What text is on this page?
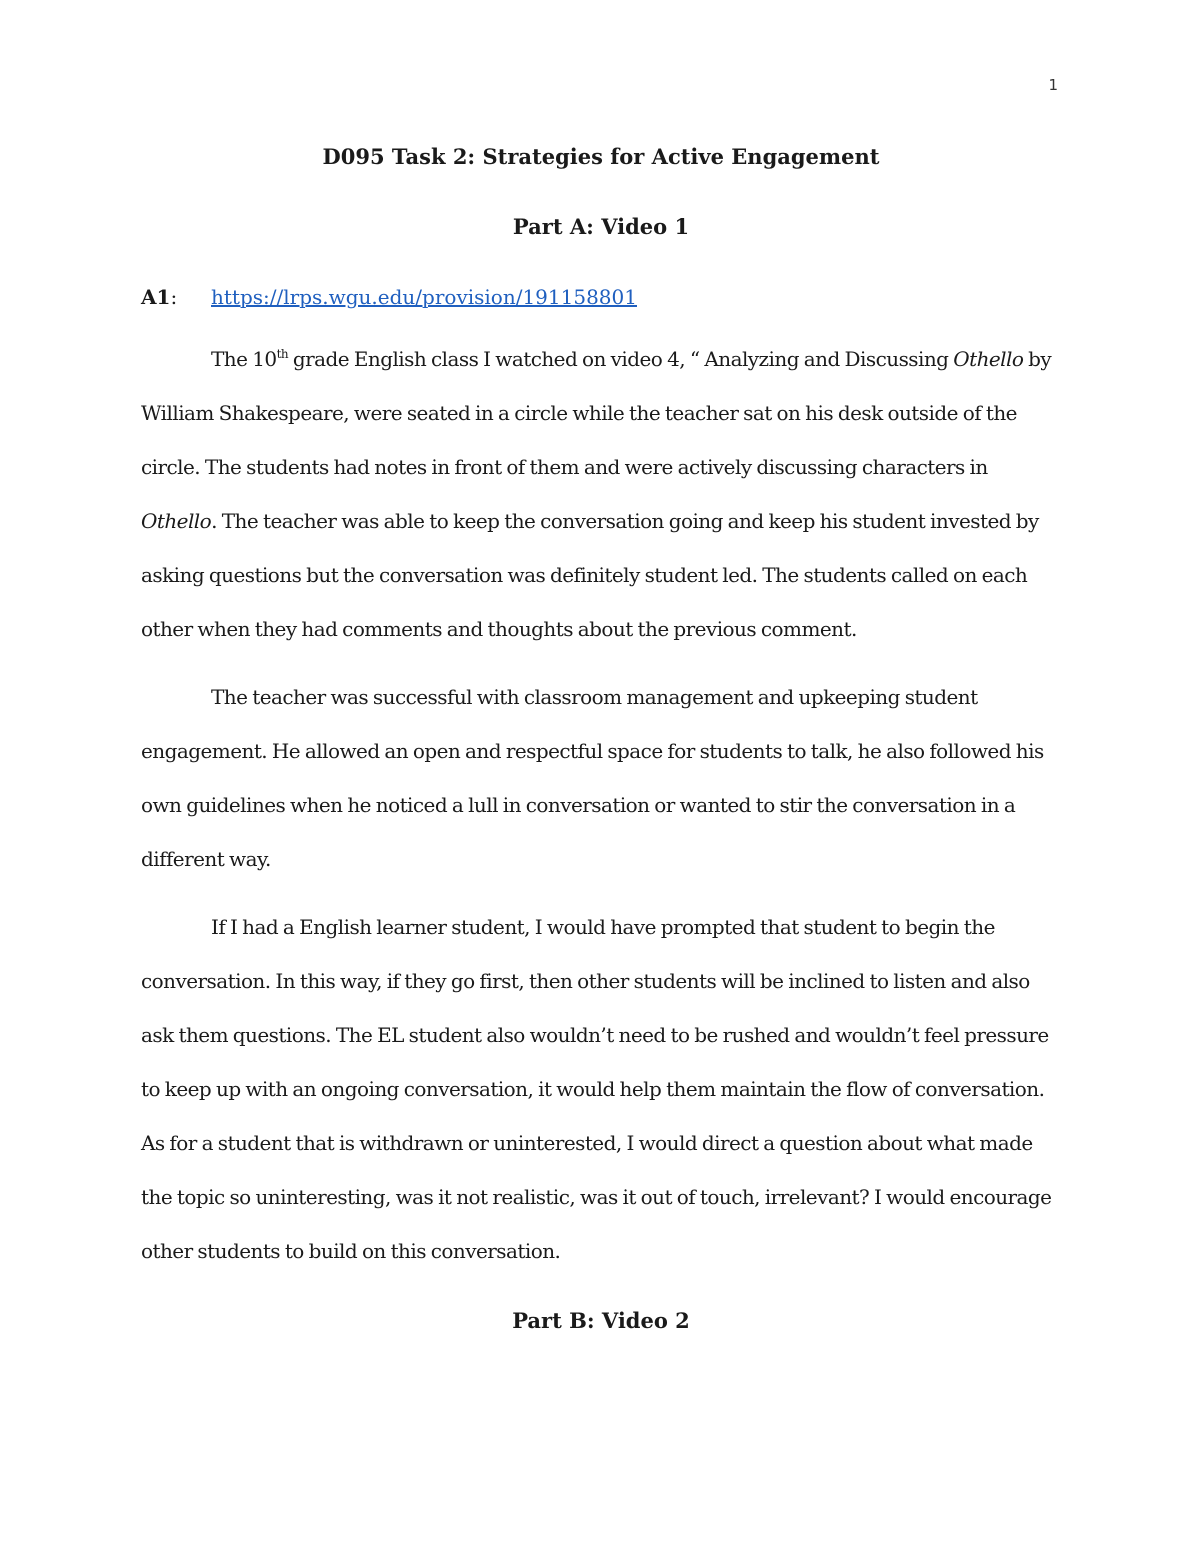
1
D095 Task 2: Strategies for Active Engagement
Part A: Video 1
A1: https://lrps.wgu.edu/provision/191158801

The 10th grade English class I watched on video 4, “ Analyzing and Discussing Othello by William Shakespeare, were seated in a circle while the teacher sat on his desk outside of the circle. The students had notes in front of them and were actively discussing characters in Othello. The teacher was able to keep the conversation going and keep his student invested by asking questions but the conversation was definitely student led. The students called on each other when they had comments and thoughts about the previous comment.

The teacher was successful with classroom management and upkeeping student engagement. He allowed an open and respectful space for students to talk, he also followed his own guidelines when he noticed a lull in conversation or wanted to stir the conversation in a different way.

If I had a English learner student, I would have prompted that student to begin the conversation. In this way, if they go first, then other students will be inclined to listen and also ask them questions. The EL student also wouldn’t need to be rushed and wouldn’t feel pressure to keep up with an ongoing conversation, it would help them maintain the flow of conversation. As for a student that is withdrawn or uninterested, I would direct a question about what made the topic so uninteresting, was it not realistic, was it out of touch, irrelevant? I would encourage other students to build on this conversation.

Part B: Video 2
